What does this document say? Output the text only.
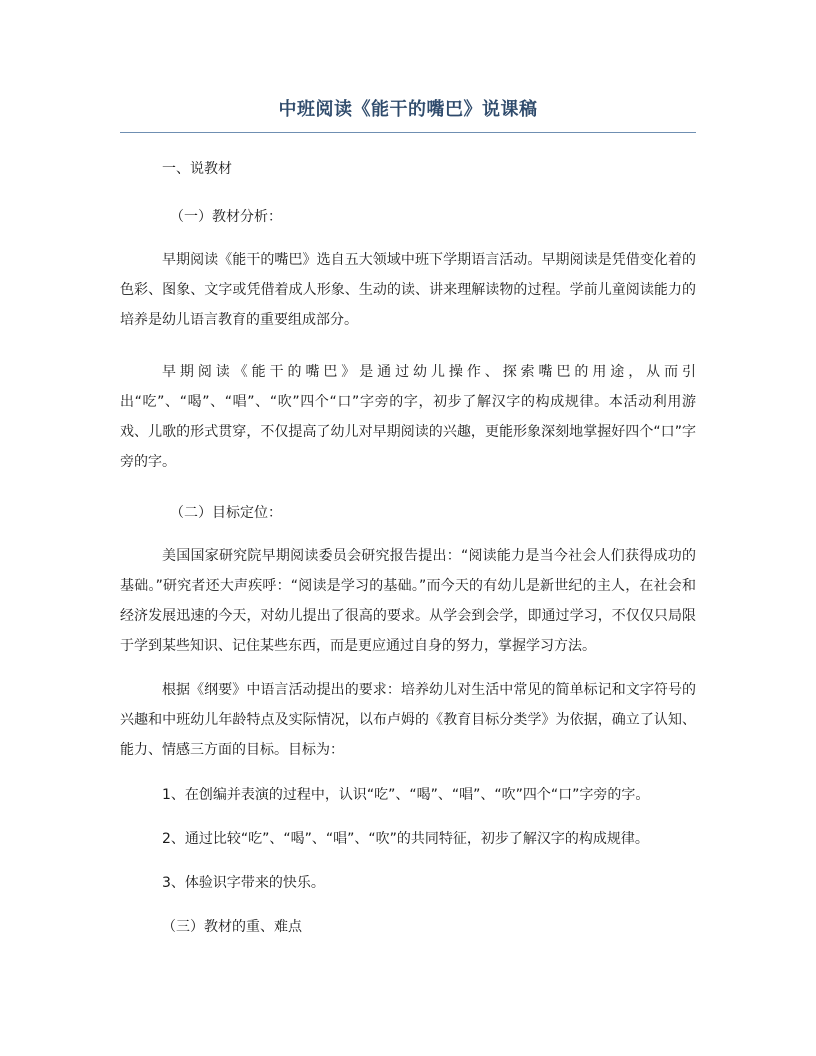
中班阅读《能干的嘴巴》说课稿
一、说教材
（一）教材分析：

早期阅读《能干的嘴巴》选自五大领域中班下学期语言活动。早期阅读是凭借变化着的色彩、图象、文字或凭借着成人形象、生动的读、讲来理解读物的过程。学前儿童阅读能力的培养是幼儿语言教育的重要组成部分。

早期阅读《能干的嘴巴》是通过幼儿操作、探索嘴巴的用途，从而引出“吃”、“喝”、“唱”、“吹”四个“口”字旁的字，初步了解汉字的构成规律。本活动利用游戏、儿歌的形式贯穿，不仅提高了幼儿对早期阅读的兴趣，更能形象深刻地掌握好四个“口”字旁的字。

（二）目标定位：

美国国家研究院早期阅读委员会研究报告提出：“阅读能力是当今社会人们获得成功的基础。”研究者还大声疾呼：“阅读是学习的基础。”而今天的有幼儿是新世纪的主人，在社会和经济发展迅速的今天，对幼儿提出了很高的要求。从学会到会学，即通过学习，不仅仅只局限于学到某些知识、记住某些东西，而是更应通过自身的努力，掌握学习方法。

根据《纲要》中语言活动提出的要求：培养幼儿对生活中常见的简单标记和文字符号的兴趣和中班幼儿年龄特点及实际情况，以布卢姆的《教育目标分类学》为依据，确立了认知、能力、情感三方面的目标。目标为：

1、在创编并表演的过程中，认识“吃”、“喝”、“唱”、“吹”四个“口”字旁的字。
2、通过比较“吃”、“喝”、“唱”、“吹”的共同特征，初步了解汉字的构成规律。
3、体验识字带来的快乐。
（三）教材的重、难点
